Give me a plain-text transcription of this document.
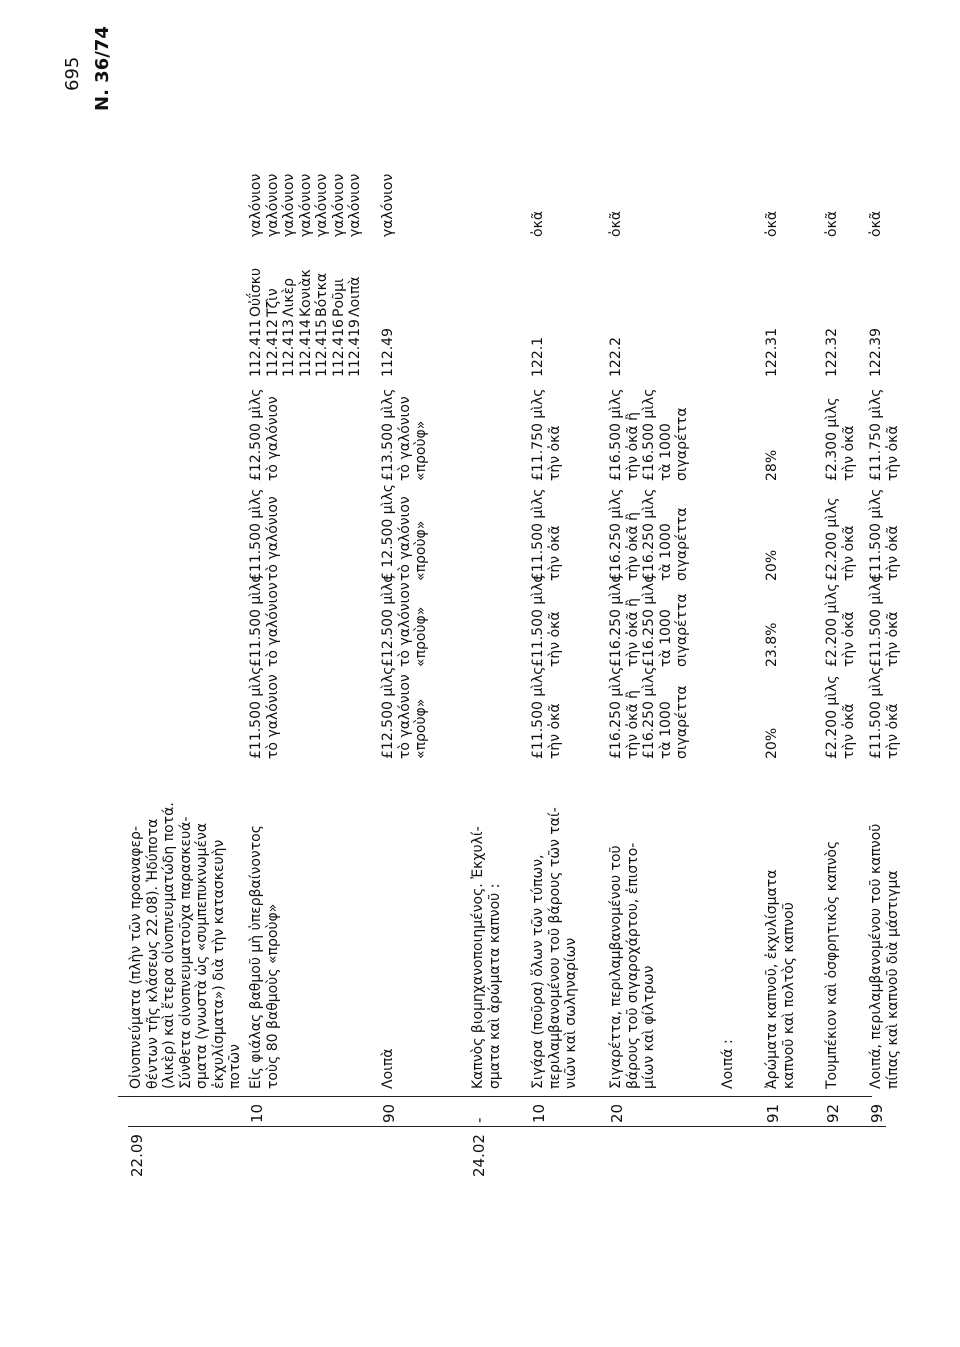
695 Ν. 36/74
22.09
Οἰνοπνεύματα (πλὴν τῶν προαναφερ-
θέντων τῆς κλάσεως 22.08). Ἡδύποτα
(λικὲρ) καὶ ἕτερα οἰνοπνευματώδη ποτά.
Σύνθετα οἰνοπνευματοῦχα παρασκευά-
σματα (γνωστὰ ὡς «συμπεπυκνωμένα
ἐκχυλίσματα») διὰ τὴν κατασκευὴν
ποτῶν
10
Εἰς φιάλας βαθμοῦ μὴ ὑπερβαίνοντος
τοὺς 80 βαθμοὺς «προὺφ»
£11.500 μὶλς
τὸ γαλόνιον
£11.500 μὶλς
τὸ γαλόνιον
£11.500 μὶλς
τὸ γαλόνιον
£12.500 μὶλς
τὸ γαλόνιον
112.411
112.412
112.413
112.414
112.415
112.416
112.419
Οὐΐσκυ
Τζὶν
Λικὲρ
Κονιὰκ
Βότκα
Ροῦμι
Λοιπὰ
γαλόνιον
γαλόνιον
γαλόνιον
γαλόνιον
γαλόνιον
γαλόνιον
γαλόνιον
90
Λοιπὰ
£12.500 μὶλς
τὸ γαλόνιον
«προὺφ»
£12.500 μὶλς
τὸ γαλόνιον
«προὺφ»
£ 12.500 μὶλς
τὸ γαλόνιον
«προὺφ»
£13.500 μὶλς
τὸ γαλόνιον
«προὺφ»
112.49
γαλόνιον
24.02
-
Καπνὸς βιομηχανοποιημένος. Ἐκχυλί-
σματα καὶ ἀρώματα καπνοῦ :
10
Σιγάρα (ποῦρα) ὅλων τῶν τύπων,
περιλαμβανομένου τοῦ βάρους τῶν ταί-
νιῶν καὶ σωληναρίων
£11.500 μὶλς
τὴν ὀκᾶ
£11.500 μὶλς
τὴν ὀκᾶ
£11.500 μὶλς
τὴν ὀκᾶ
£11.750 μὶλς
τὴν ὀκᾶ
122.1
ὀκᾶ
20
Σιγαρέττα, περιλαμβανομένου τοῦ
βάρους τοῦ σιγαροχάρτου, ἐπιστο-
μίων καὶ φίλτρων
£16.250 μὶλς
τὴν ὀκᾶ ἢ
£16.250 μὶλς
τὰ 1000
σιγαρέττα
£16.250 μὶλς
τὴν ὀκᾶ ἢ
£16.250 μὶλς
τὰ 1000
σιγαρέττα
£16.250 μὶλς
τὴν ὀκᾶ ἢ
£16.250 μὶλς
τὰ 1000
σιγαρέττα
£16.500 μὶλς
τὴν ὀκᾶ ἢ
£16.500 μὶλς
τὰ 1000
σιγαρέττα
122.2
ὀκᾶ
Λοιπά :
91
Ἀρώματα καπνοῦ, ἐκχυλίσματα
καπνοῦ καὶ πολτὸς καπνοῦ
20%
23.8%
20%
28%
122.31
ὀκᾶ
92
Τουμπέκιον καὶ ὀσφρητικὸς καπνὸς
£2.200 μὶλς
τὴν ὀκᾶ
£2.200 μὶλς
τὴν ὀκᾶ
£2.200 μὶλς
τὴν ὀκᾶ
£2.300 μὶλς
τὴν ὀκᾶ
122.32
ὀκᾶ
99
Λοιπά, περιλαμβανομένου τοῦ καπνοῦ
πίπας καὶ καπνοῦ διὰ μάστιγμα
£11.500 μὶλς
τὴν ὀκᾶ
£11.500 μὶλς
τὴν ὀκᾶ
£11.500 μὶλς
τὴν ὀκᾶ
£11.750 μὶλς
τὴν ὀκᾶ
122.39
ὀκᾶ
